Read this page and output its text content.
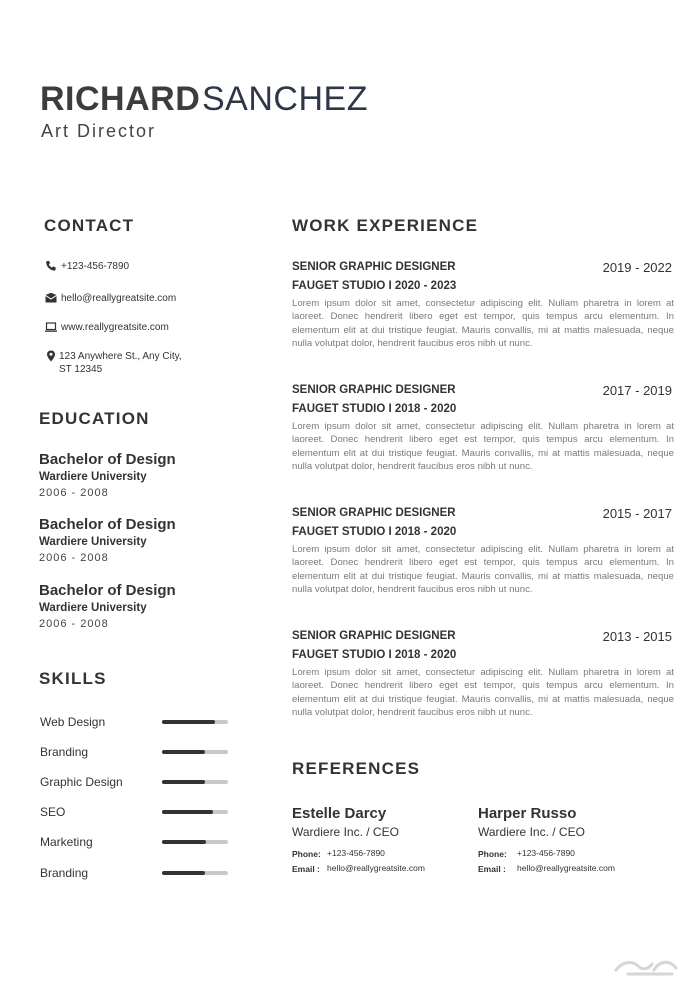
RICHARD SANCHEZ
Art Director
CONTACT
+123-456-7890
hello@reallygreatsite.com
www.reallygreatsite.com
123 Anywhere St., Any City,
ST 12345
EDUCATION
Bachelor of Design
Wardiere University
2006 - 2008
Bachelor of Design
Wardiere University
2006 - 2008
Bachelor of Design
Wardiere University
2006 - 2008
SKILLS
Web Design
Branding
Graphic Design
SEO
Marketing
Branding
WORK EXPERIENCE
SENIOR GRAPHIC DESIGNER	2019 - 2022
FAUGET STUDIO I 2020 - 2023
Lorem ipsum dolor sit amet, consectetur adipiscing elit. Nullam pharetra in lorem at laoreet. Donec hendrerit libero eget est tempor, quis tempus arcu elementum. In elementum elit at dui tristique feugiat. Mauris convallis, mi at mattis malesuada, neque nulla volutpat dolor, hendrerit faucibus eros nibh ut nunc.
SENIOR GRAPHIC DESIGNER	2017 - 2019
FAUGET STUDIO I 2018 - 2020
Lorem ipsum dolor sit amet, consectetur adipiscing elit. Nullam pharetra in lorem at laoreet. Donec hendrerit libero eget est tempor, quis tempus arcu elementum. In elementum elit at dui tristique feugiat. Mauris convallis, mi at mattis malesuada, neque nulla volutpat dolor, hendrerit faucibus eros nibh ut nunc.
SENIOR GRAPHIC DESIGNER	2015 - 2017
FAUGET STUDIO I 2018 - 2020
Lorem ipsum dolor sit amet, consectetur adipiscing elit. Nullam pharetra in lorem at laoreet. Donec hendrerit libero eget est tempor, quis tempus arcu elementum. In elementum elit at dui tristique feugiat. Mauris convallis, mi at mattis malesuada, neque nulla volutpat dolor, hendrerit faucibus eros nibh ut nunc.
SENIOR GRAPHIC DESIGNER	2013 - 2015
FAUGET STUDIO I 2018 - 2020
Lorem ipsum dolor sit amet, consectetur adipiscing elit. Nullam pharetra in lorem at laoreet. Donec hendrerit libero eget est tempor, quis tempus arcu elementum. In elementum elit at dui tristique feugiat. Mauris convallis, mi at mattis malesuada, neque nulla volutpat dolor, hendrerit faucibus eros nibh ut nunc.
REFERENCES
Estelle Darcy
Wardiere Inc. / CEO
Phone: +123-456-7890
Email : hello@reallygreatsite.com
Harper Russo
Wardiere Inc. / CEO
Phone: +123-456-7890
Email : hello@reallygreatsite.com
